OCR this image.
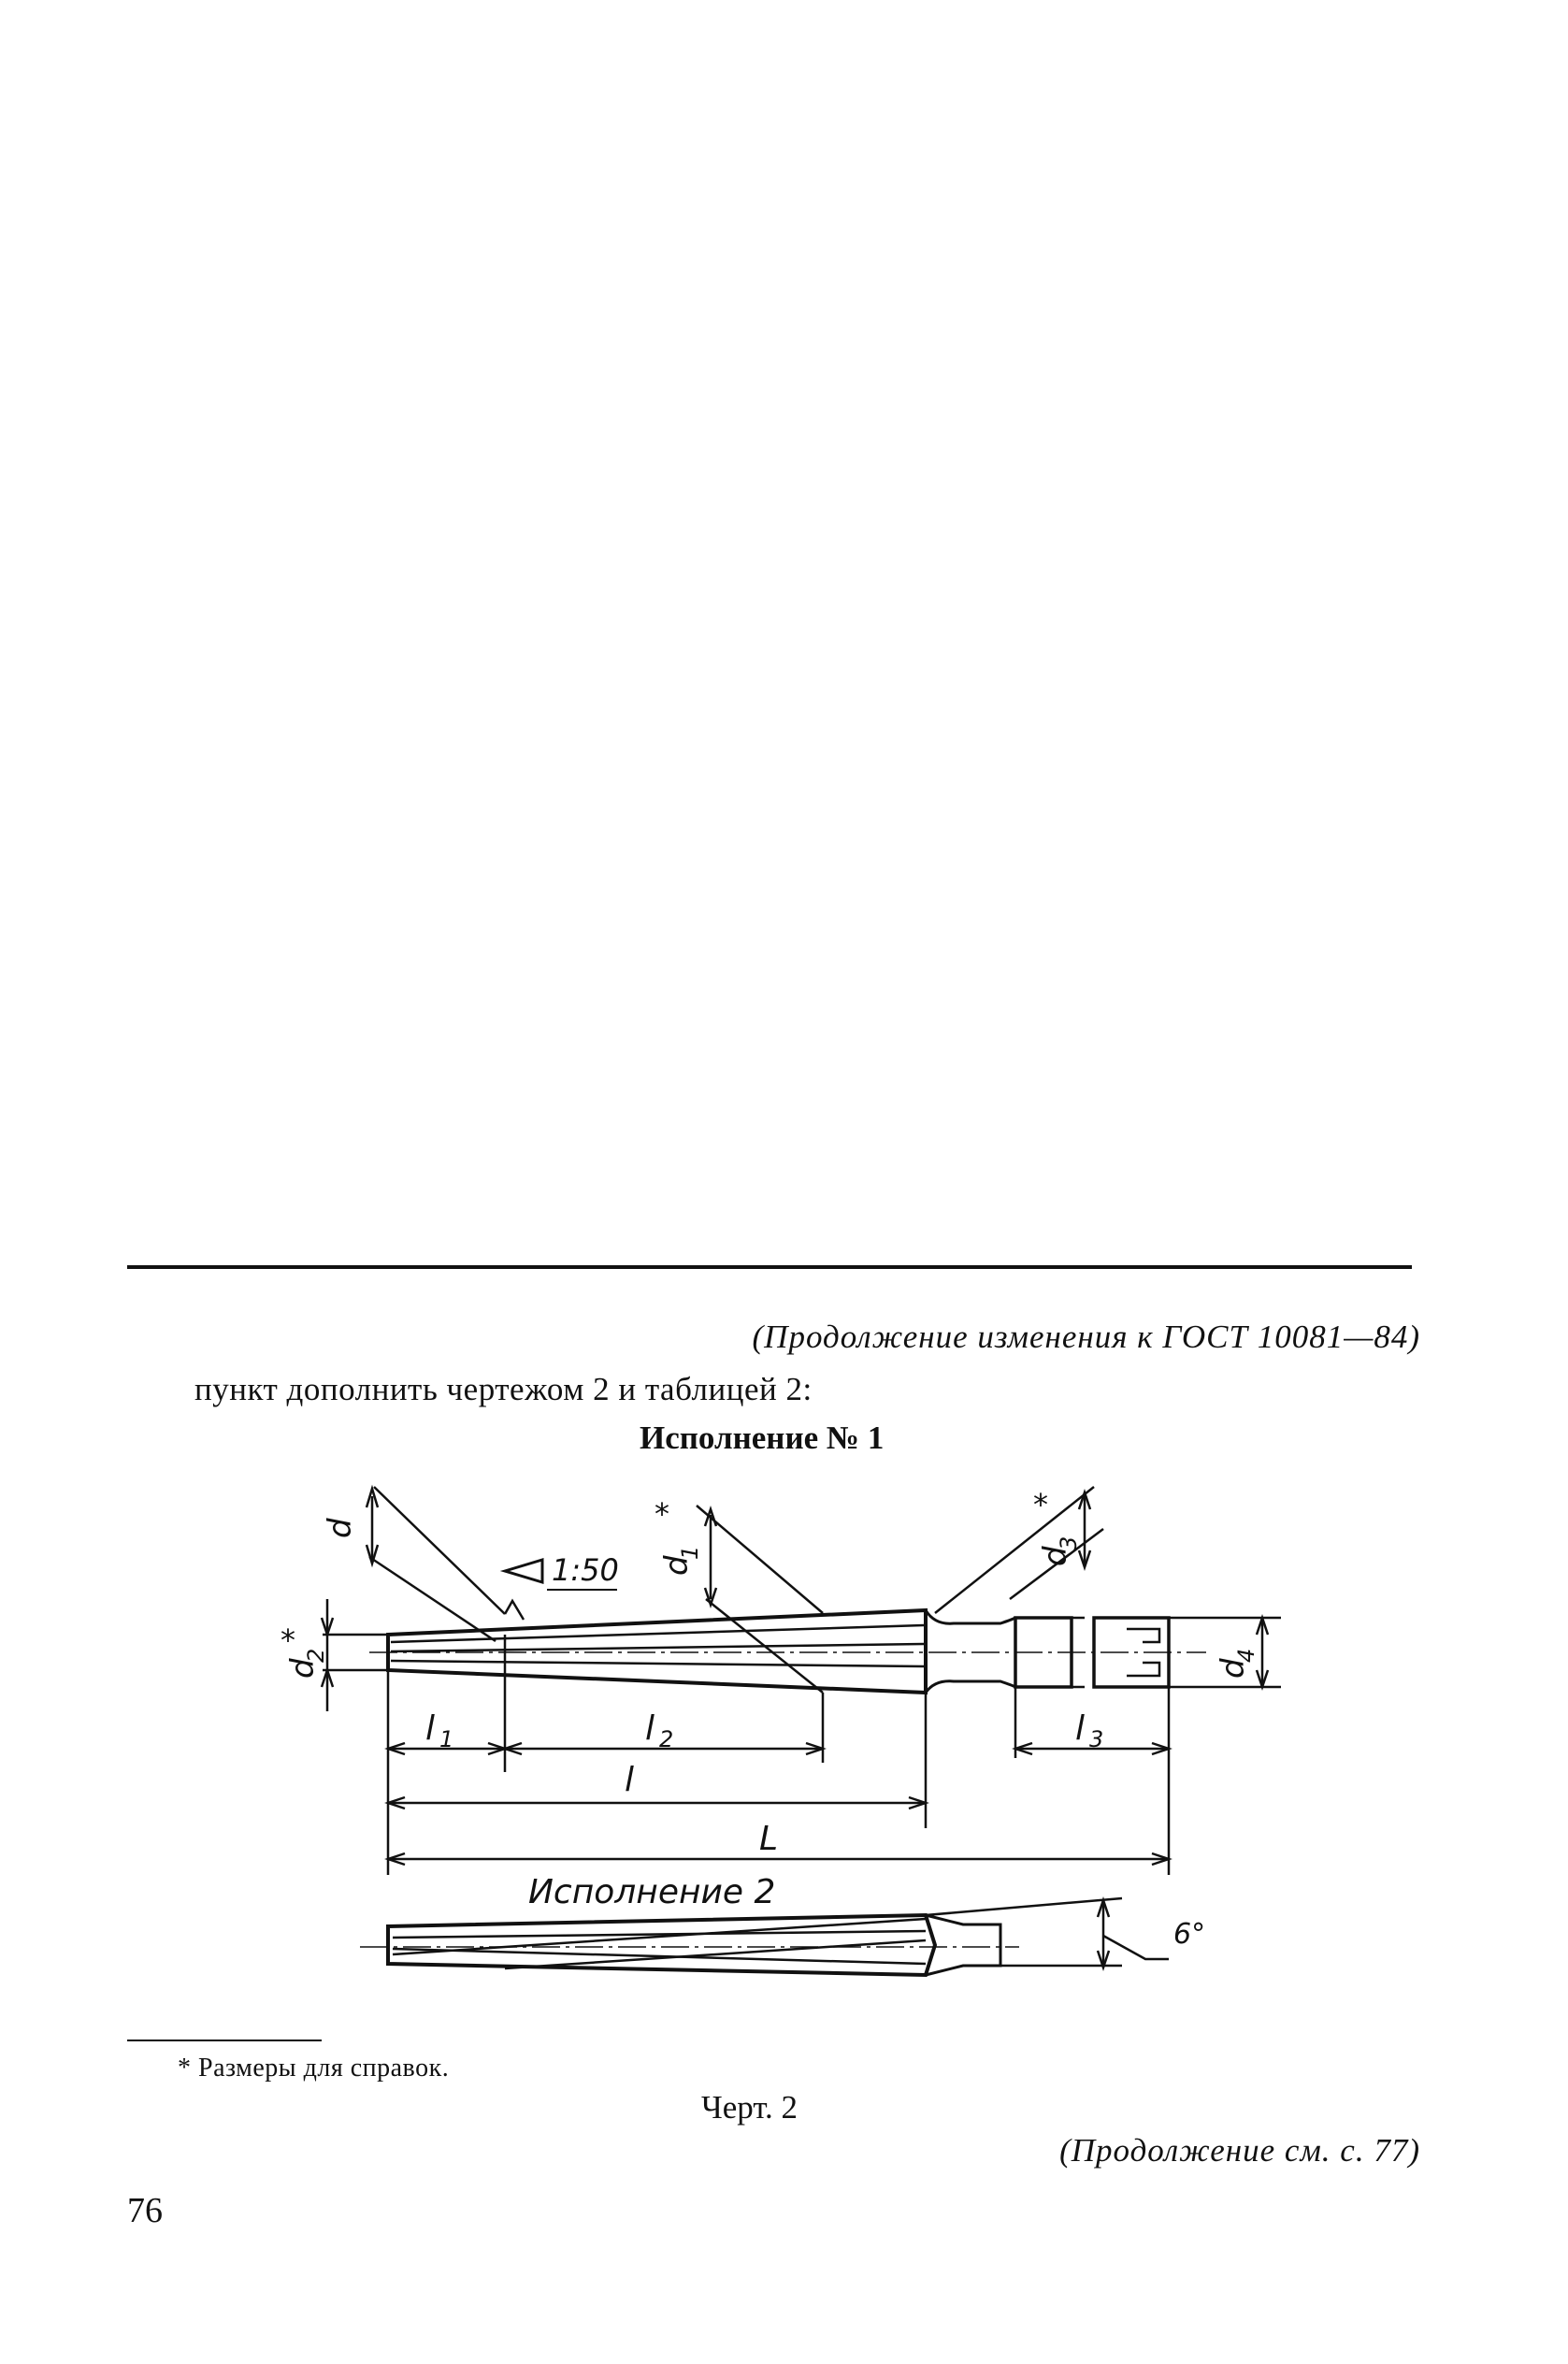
(Продолжение изменения к ГОСТ 10081—84)
пункт дополнить чертежом 2 и таблицей 2:
Исполнение № 1
1:50
d
d
1
*
d
2
*
d
3
*
d
4
l 1	l 2	l 3
l
L
Исполнение 2
6°
* Размеры для справок.
Черт. 2
(Продолжение см. с. 77)
76
